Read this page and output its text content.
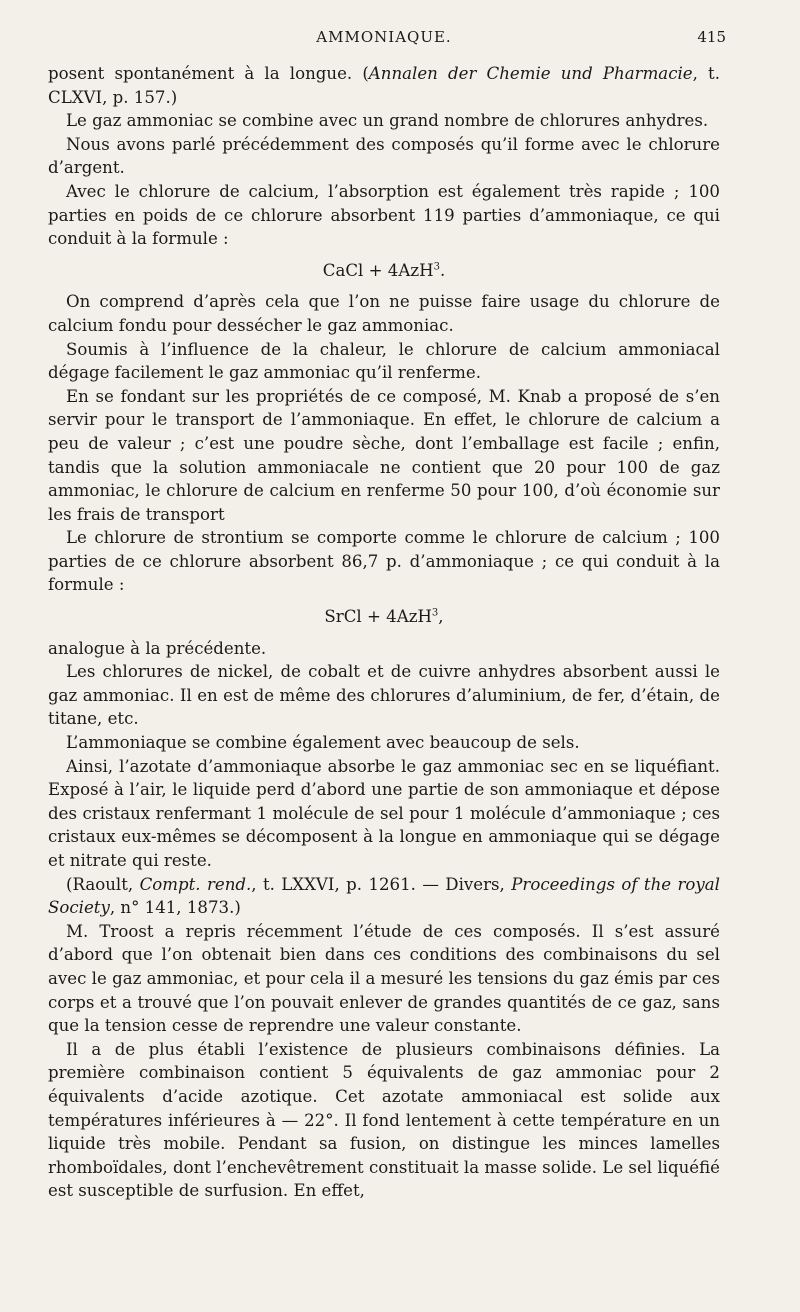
AMMONIAQUE.	415

posent spontanément à la longue. (Annalen der Chemie und Pharmacie, t. CLXVI, p. 157.)

Le gaz ammoniac se combine avec un grand nombre de chlorures anhydres.

Nous avons parlé précédemment des composés qu’il forme avec le chlorure d’argent.

Avec le chlorure de calcium, l’absorption est également très rapide ; 100 parties en poids de ce chlorure absorbent 119 parties d’ammoniaque, ce qui conduit à la formule :

CaCl + 4AzH$^3$.

On comprend d’après cela que l’on ne puisse faire usage du chlorure de calcium fondu pour dessécher le gaz ammoniac.

Soumis à l’influence de la chaleur, le chlorure de calcium ammoniacal dégage facilement le gaz ammoniac qu’il renferme.

En se fondant sur les propriétés de ce composé, M. Knab a proposé de s’en servir pour le transport de l’ammoniaque. En effet, le chlorure de calcium a peu de valeur ; c’est une poudre sèche, dont l’emballage est facile ; enfin, tandis que la solution ammoniacale ne contient que 20 pour 100 de gaz ammoniac, le chlorure de calcium en renferme 50 pour 100, d’où économie sur les frais de transport

Le chlorure de strontium se comporte comme le chlorure de calcium ; 100 parties de ce chlorure absorbent 86,7 p. d’ammoniaque ; ce qui conduit à la formule :

SrCl + 4AzH$^3$,

analogue à la précédente.

Les chlorures de nickel, de cobalt et de cuivre anhydres absorbent aussi le gaz ammoniac. Il en est de même des chlorures d’aluminium, de fer, d’étain, de titane, etc.

L’ammoniaque se combine également avec beaucoup de sels.

Ainsi, l’azotate d’ammoniaque absorbe le gaz ammoniac sec en se liquéfiant. Exposé à l’air, le liquide perd d’abord une partie de son ammoniaque et dépose des cristaux renfermant 1 molécule de sel pour 1 molécule d’ammoniaque ; ces cristaux eux-mêmes se décomposent à la longue en ammoniaque qui se dégage et nitrate qui reste.

(Raoult, Compt. rend., t. LXXVI, p. 1261. — Divers, Proceedings of the royal Society, n° 141, 1873.)

M. Troost a repris récemment l’étude de ces composés. Il s’est assuré d’abord que l’on obtenait bien dans ces conditions des combinaisons du sel avec le gaz ammoniac, et pour cela il a mesuré les tensions du gaz émis par ces corps et a trouvé que l’on pouvait enlever de grandes quantités de ce gaz, sans que la tension cesse de reprendre une valeur constante.

Il a de plus établi l’existence de plusieurs combinaisons définies. La première combinaison contient 5 équivalents de gaz ammoniac pour 2 équivalents d’acide azotique. Cet azotate ammoniacal est solide aux températures inférieures à — 22°. Il fond lentement à cette température en un liquide très mobile. Pendant sa fusion, on distingue les minces lamelles rhomboïdales, dont l’enchevêtrement constituait la masse solide. Le sel liquéfié est susceptible de surfusion. En effet,
